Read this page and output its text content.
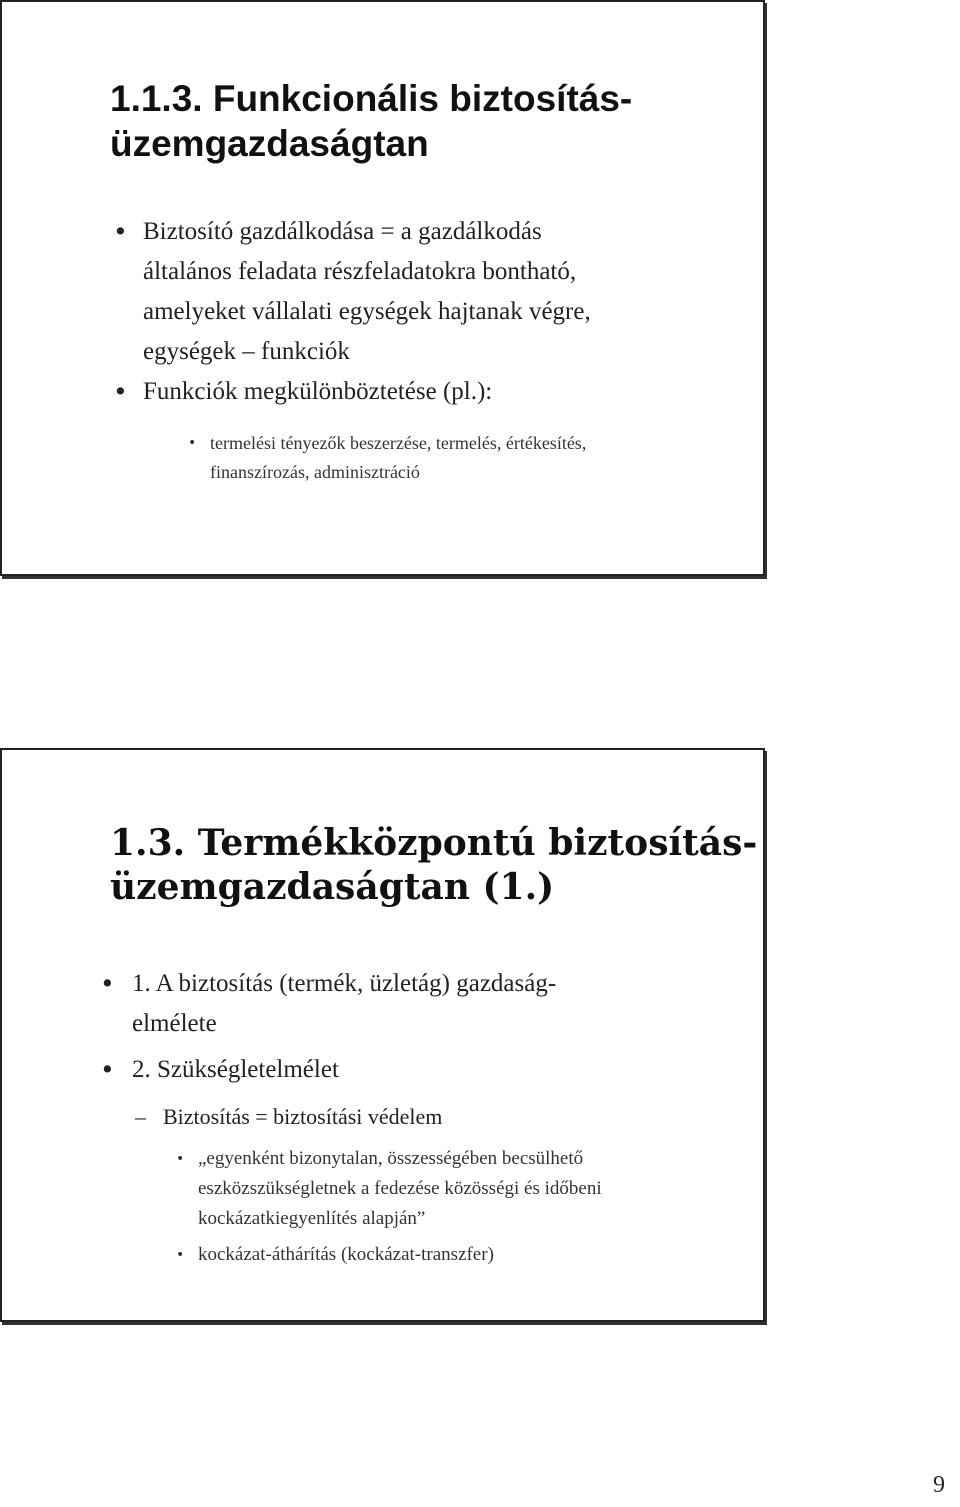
1.1.3. Funkcionális biztosítás-
üzemgazdaságtan
• Biztosító gazdálkodása = a gazdálkodás
általános feladata részfeladatokra bontható,
amelyeket vállalati egységek hajtanak végre,
egységek – funkciók
• Funkciók megkülönböztetése (pl.):
• termelési tényezők beszerzése, termelés, értékesítés,
finanszírozás, adminisztráció
1.3. Termékközpontú biztosítás-
üzemgazdaságtan (1.)
• 1. A biztosítás (termék, üzletág) gazdaság-
elmélete
• 2. Szükségletelmélet
– Biztosítás = biztosítási védelem
• „egyenként bizonytalan, összességében becsülhető
eszközszükségletnek a fedezése közösségi és időbeni
kockázatkiegyenlítés alapján”
• kockázat-áthárítás (kockázat-transzfer)
9
